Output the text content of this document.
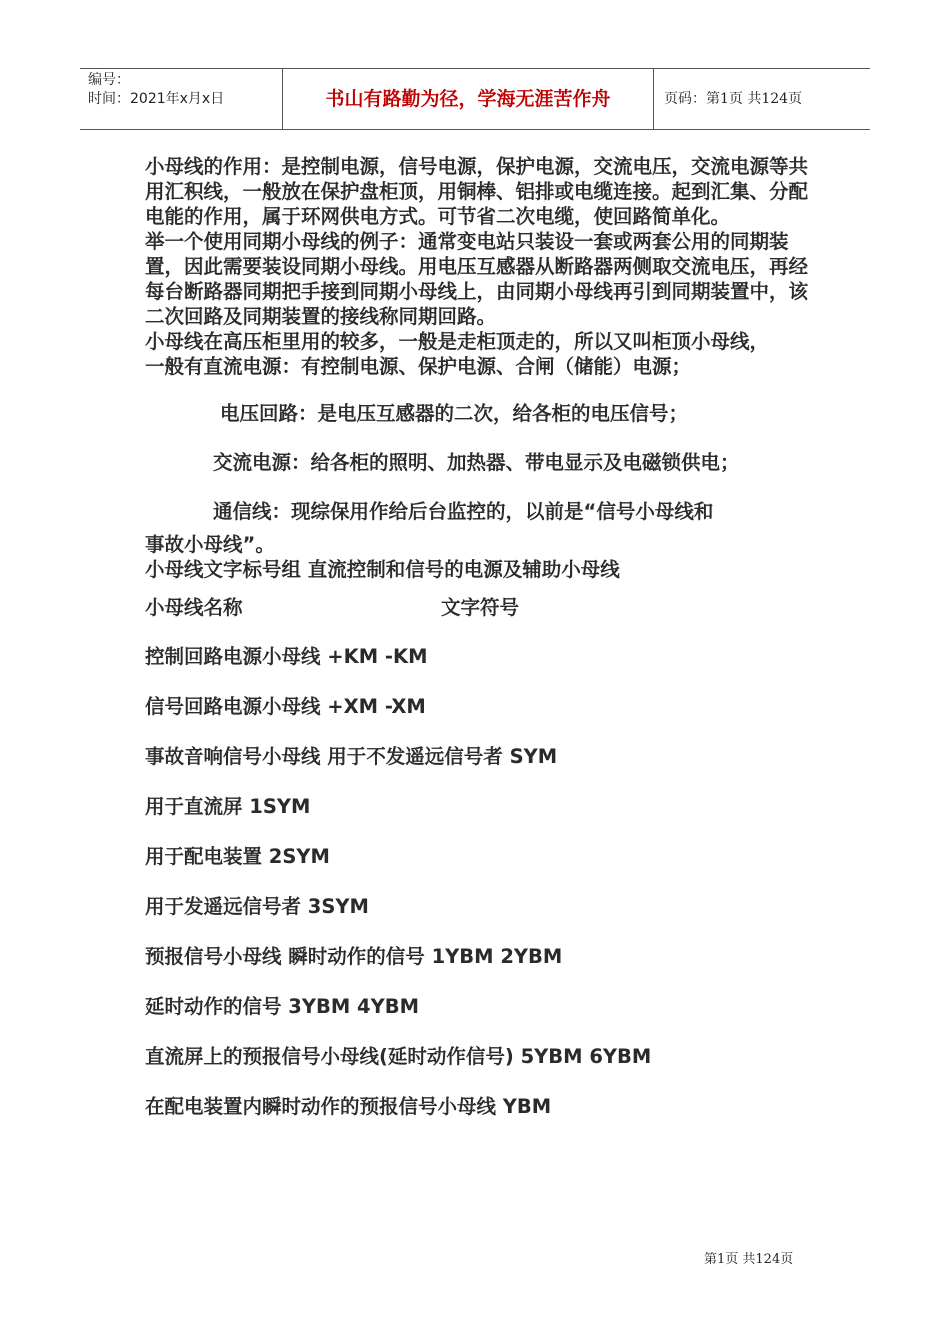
编号：
时间：2021年x月x日	书山有路勤为径，学海无涯苦作舟	页码：第1页 共124页

小母线的作用：是控制电源，信号电源，保护电源，交流电压，交流电源等共用汇积线，一般放在保护盘柜顶，用铜棒、铝排或电缆连接。起到汇集、分配电能的作用，属于环网供电方式。可节省二次电缆，使回路简单化。

举一个使用同期小母线的例子：通常变电站只装设一套或两套公用的同期装置，因此需要装设同期小母线。用电压互感器从断路器两侧取交流电压，再经每台断路器同期把手接到同期小母线上，由同期小母线再引到同期装置中，该二次回路及同期装置的接线称同期回路。

小母线在高压柜里用的较多，一般是走柜顶走的，所以又叫柜顶小母线，

一般有直流电源：有控制电源、保护电源、合闸（储能）电源；

电压回路：是电压互感器的二次，给各柜的电压信号；

交流电源：给各柜的照明、加热器、带电显示及电磁锁供电；

通信线：现综保用作给后台监控的，以前是“信号小母线和

事故小母线”。

小母线文字标号组 直流控制和信号的电源及辅助小母线

小母线名称	文字符号

控制回路电源小母线 +KM -KM

信号回路电源小母线 +XM -XM

事故音响信号小母线 用于不发遥远信号者 SYM

用于直流屏 1SYM

用于配电装置 2SYM

用于发遥远信号者 3SYM

预报信号小母线 瞬时动作的信号 1YBM 2YBM

延时动作的信号 3YBM 4YBM

直流屏上的预报信号小母线(延时动作信号) 5YBM 6YBM

在配电装置内瞬时动作的预报信号小母线 YBM

第1页 共124页
